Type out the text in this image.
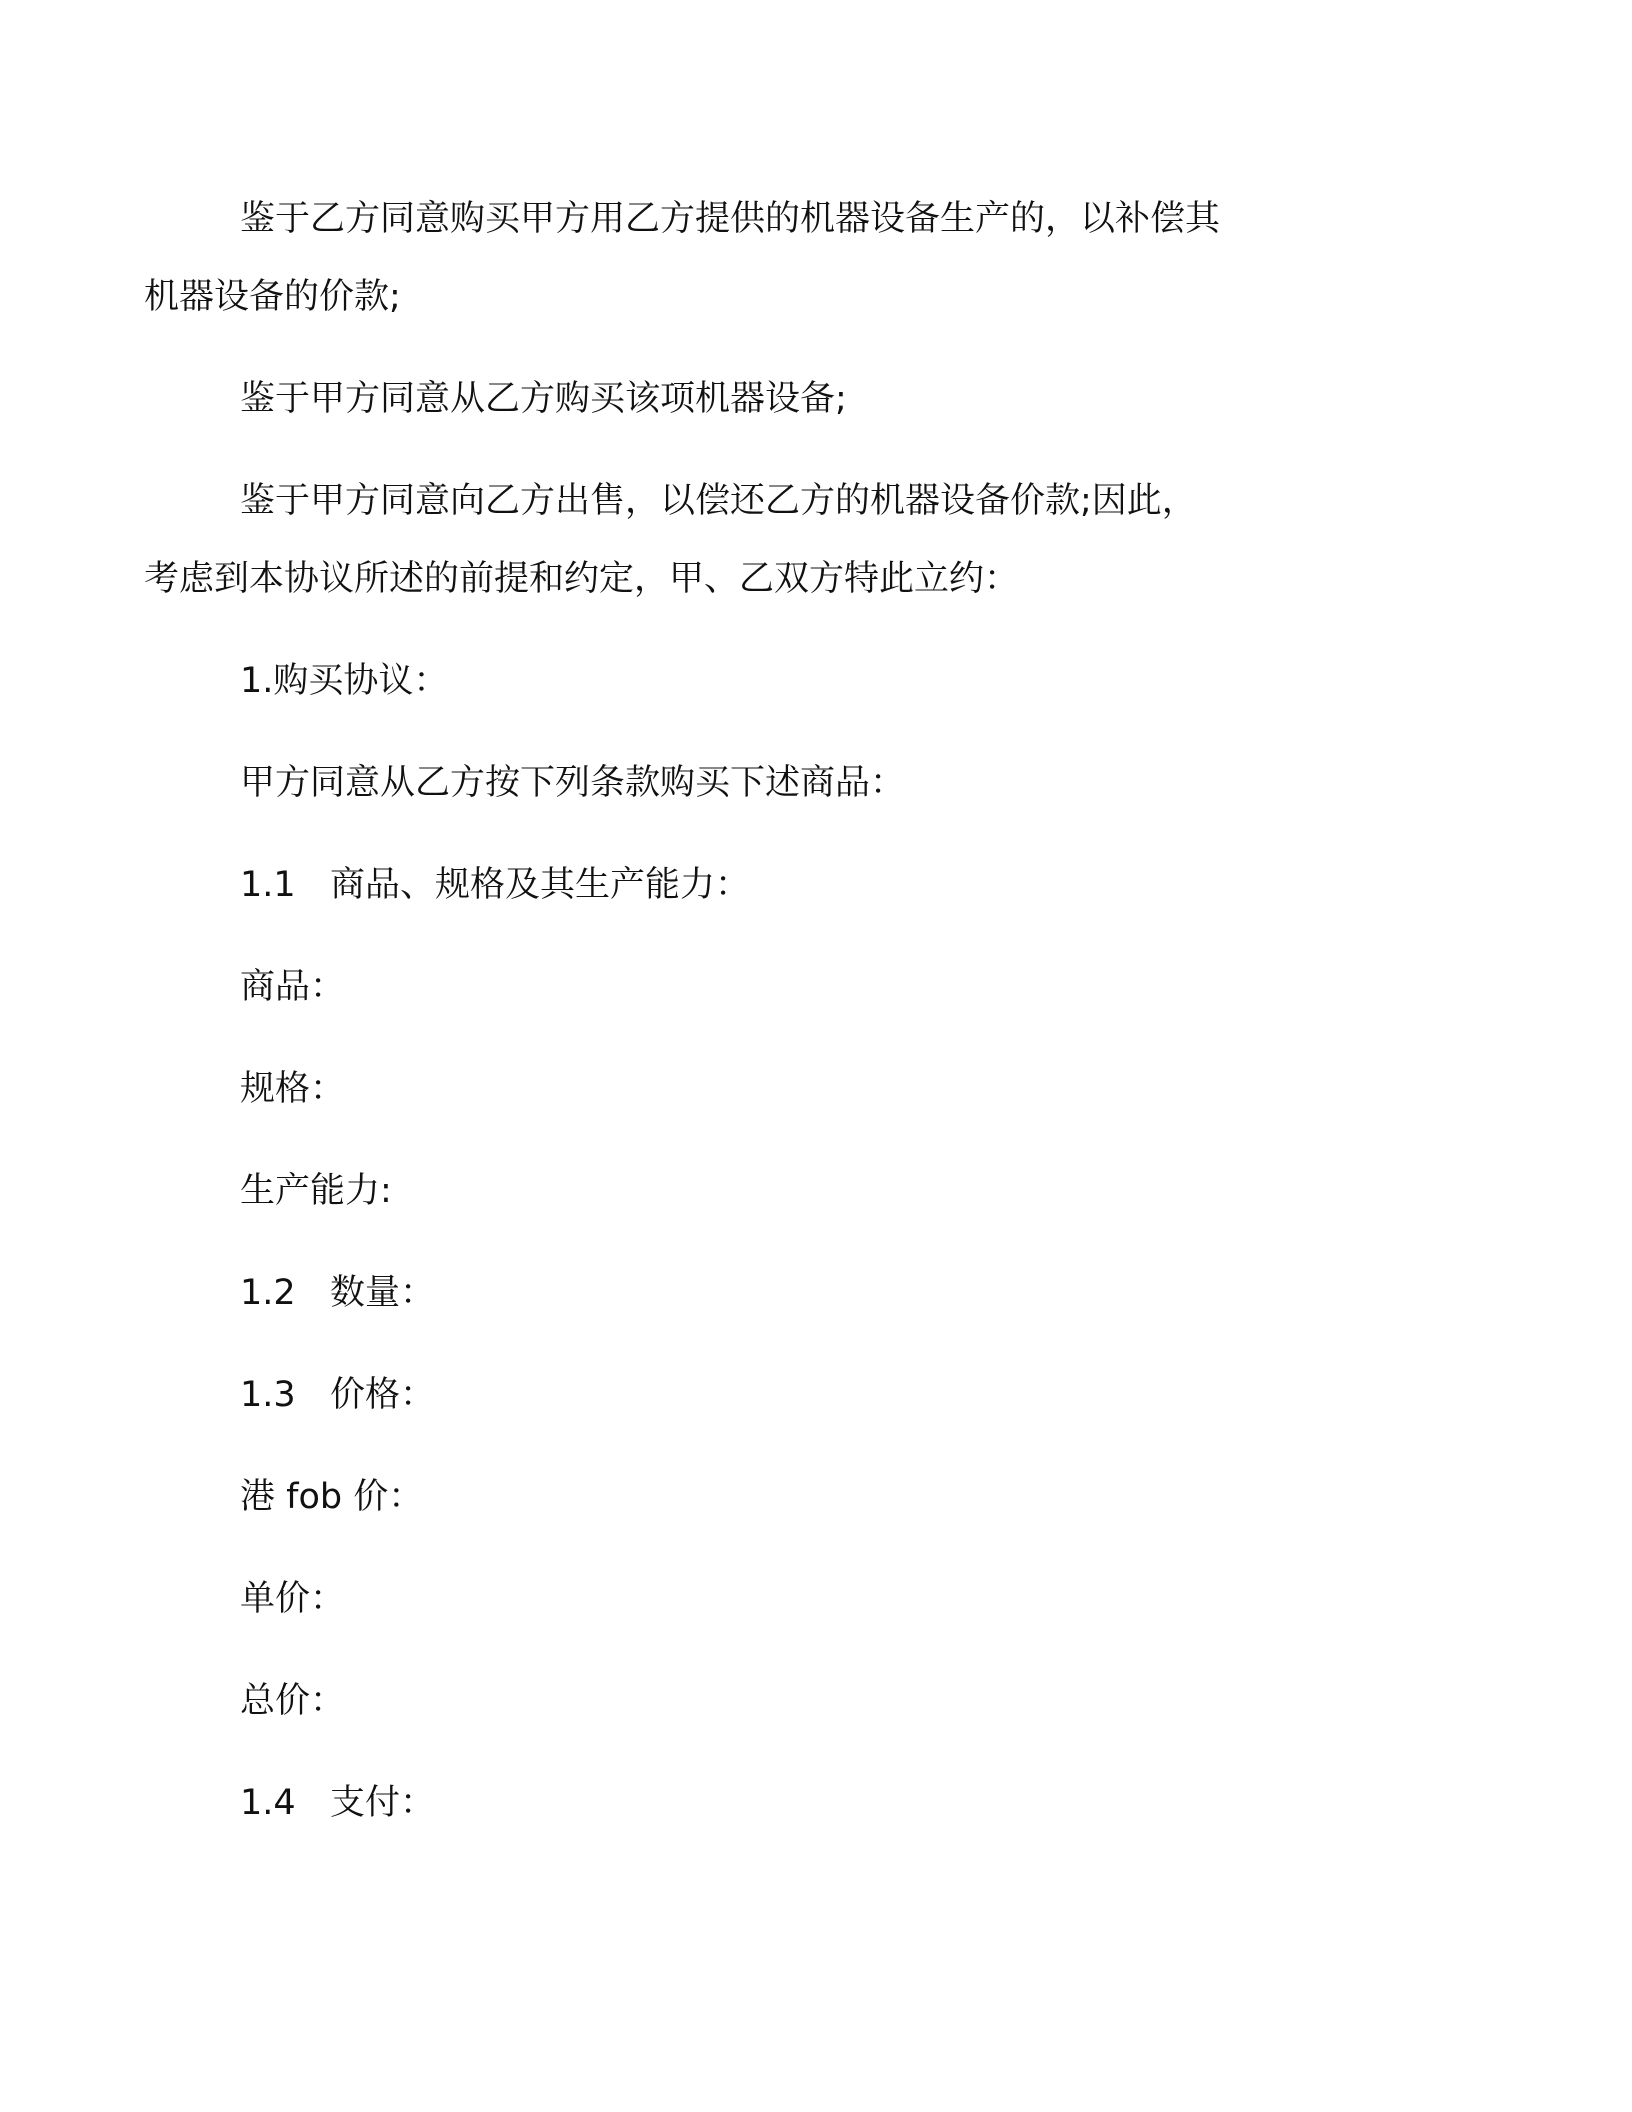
鉴于乙方同意购买甲方用乙方提供的机器设备生产的，以补偿其
机器设备的价款;
鉴于甲方同意从乙方购买该项机器设备;
鉴于甲方同意向乙方出售，以偿还乙方的机器设备价款;因此，
考虑到本协议所述的前提和约定，甲、乙双方特此立约：
1.购买协议：
甲方同意从乙方按下列条款购买下述商品：
1.1 商品、规格及其生产能力：
商品：
规格：
生产能力:
1.2 数量：
1.3 价格：
港 fob 价：
单价：
总价：
1.4 支付：
